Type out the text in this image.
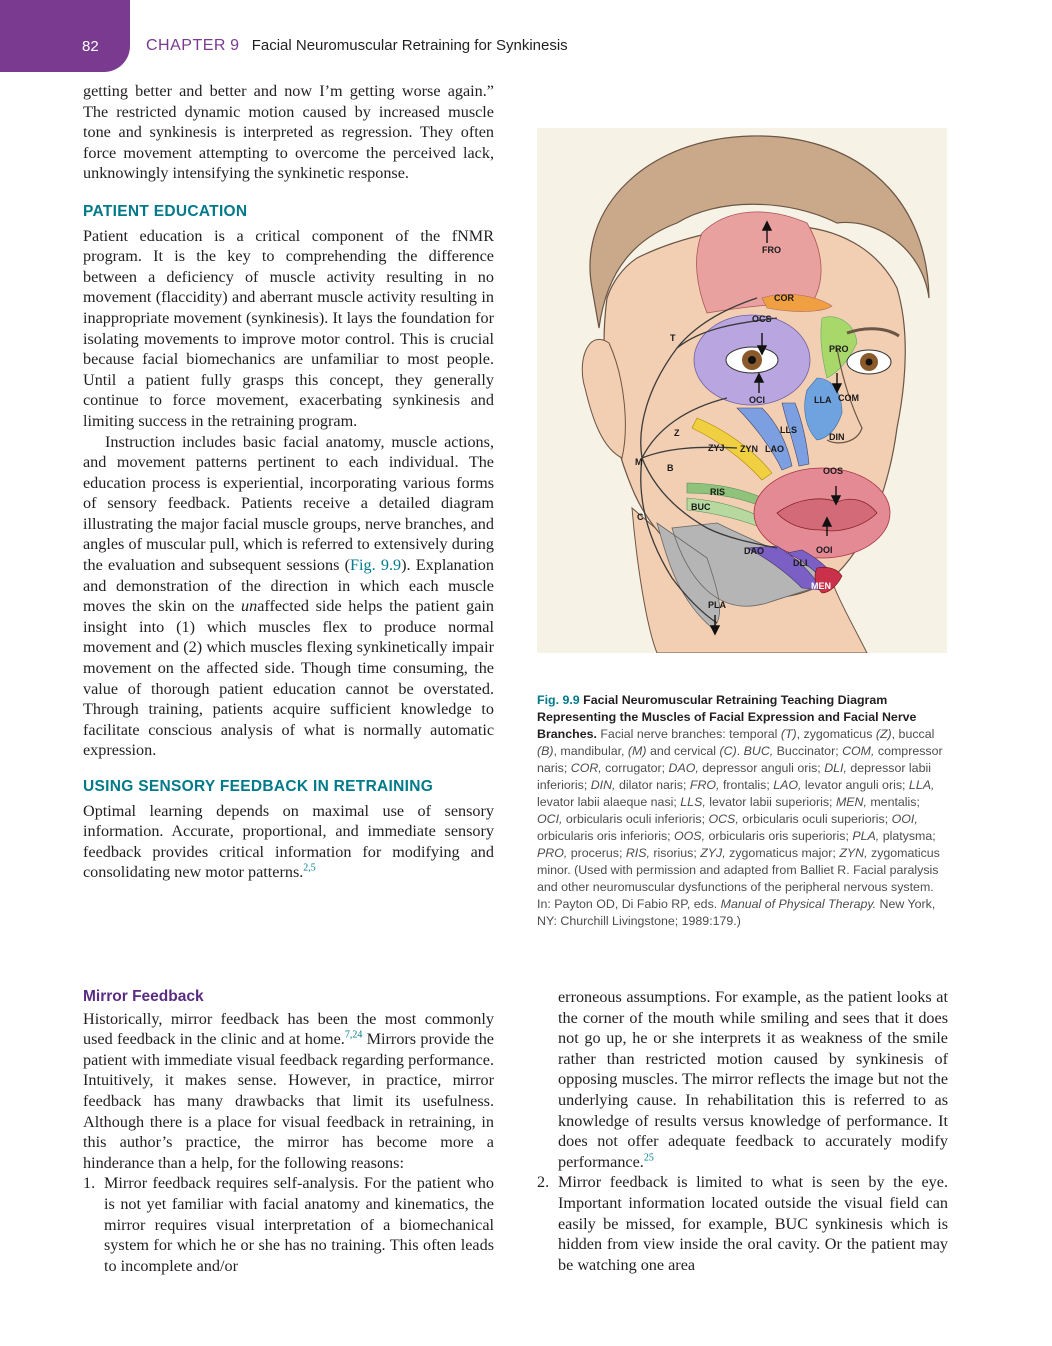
82	CHAPTER 9 Facial Neuromuscular Retraining for Synkinesis

getting better and better and now I’m getting worse again.” The restricted dynamic motion caused by increased muscle tone and synkinesis is interpreted as regression. They often force movement attempting to overcome the perceived lack, unknowingly intensifying the synkinetic response.

PATIENT EDUCATION

Patient education is a critical component of the fNMR program. It is the key to comprehending the difference between a deficiency of muscle activity resulting in no movement (flaccidity) and aberrant muscle activity resulting in inappropriate movement (synkinesis). It lays the foundation for isolating movements to improve motor control. This is crucial because facial biomechanics are unfamiliar to most people. Until a patient fully grasps this concept, they generally continue to force movement, exacerbating synkinesis and limiting success in the retraining program.

Instruction includes basic facial anatomy, muscle actions, and movement patterns pertinent to each individual. The education process is experiential, incorporating various forms of sensory feedback. Patients receive a detailed diagram illustrating the major facial muscle groups, nerve branches, and angles of muscular pull, which is referred to extensively during the evaluation and subsequent sessions (Fig. 9.9). Explanation and demonstration of the direction in which each muscle moves the skin on the unaffected side helps the patient gain insight into (1) which muscles flex to produce normal movement and (2) which muscles flexing synkinetically impair movement on the affected side. Though time consuming, the value of thorough patient education cannot be overstated. Through training, patients acquire sufficient knowledge to facilitate conscious analysis of what is normally automatic expression.

USING SENSORY FEEDBACK IN RETRAINING

Optimal learning depends on maximal use of sensory information. Accurate, proportional, and immediate sensory feedback provides critical information for modifying and consolidating new motor patterns.$^{2,5}$

Mirror Feedback

Historically, mirror feedback has been the most commonly used feedback in the clinic and at home.$^{7,24}$ Mirrors provide the patient with immediate visual feedback regarding performance. Intuitively, it makes sense. However, in practice, mirror feedback has many drawbacks that limit its usefulness. Although there is a place for visual feedback in retraining, in this author’s practice, the mirror has become more a hinderance than a help, for the following reasons:

1. Mirror feedback requires self-analysis. For the patient who is not yet familiar with facial anatomy and kinematics, the mirror requires visual interpretation of a biomechanical system for which he or she has no training. This often leads to incomplete and/or
erroneous assumptions. For example, as the patient looks at the corner of the mouth while smiling and sees that it does not go up, he or she interprets it as weakness of the smile rather than restricted motion caused by synkinesis of opposing muscles. The mirror reflects the image but not the underlying cause. In rehabilitation this is referred to as knowledge of results versus knowledge of performance. It does not offer adequate feedback to accurately modify performance.$^{25}$
2. Mirror feedback is limited to what is seen by the eye. Important information located outside the visual field can easily be missed, for example, BUC synkinesis which is hidden from view inside the oral cavity. Or the patient may be watching one area
FRO
COR
OCS
PRO
T
OCI	LLA COM
LLS
DIN
Z
ZYJ ZYN LAO
M
B	OOS
RIS
BUC
C
DAO	OOI
DLI
MEN
PLA
Fig. 9.9 Facial Neuromuscular Retraining Teaching Diagram Representing the Muscles of Facial Expression and Facial Nerve Branches. Facial nerve branches: temporal (T), zygomaticus (Z), buccal (B), mandibular, (M) and cervical (C). BUC, Buccinator; COM, compressor naris; COR, corrugator; DAO, depressor anguli oris; DLI, depressor labii inferioris; DIN, dilator naris; FRO, frontalis; LAO, levator anguli oris; LLA, levator labii alaeque nasi; LLS, levator labii superioris; MEN, mentalis; OCI, orbicularis oculi inferioris; OCS, orbicularis oculi superioris; OOI, orbicularis oris inferioris; OOS, orbicularis oris superioris; PLA, platysma; PRO, procerus; RIS, risorius; ZYJ, zygomaticus major; ZYN, zygomaticus minor. (Used with permission and adapted from Balliet R. Facial paralysis and other neuromuscular dysfunctions of the peripheral nervous system. In: Payton OD, Di Fabio RP, eds. Manual of Physical Therapy. New York, NY: Churchill Livingstone; 1989:179.)
